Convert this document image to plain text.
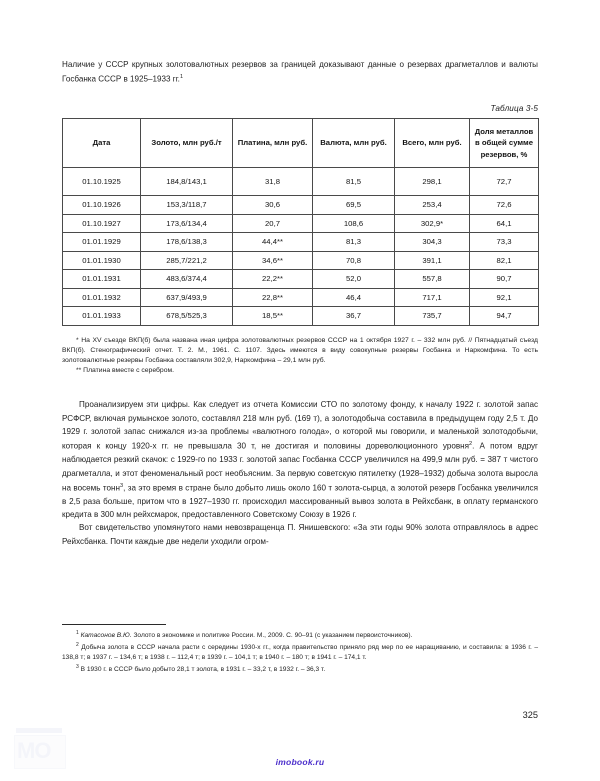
Наличие у СССР крупных золотовалютных резервов за границей доказывают данные о резервах драгметаллов и валюты Госбанка СССР в 1925–1933 гг.$^1$

Таблица 3-5
Дата	Золото, млн руб./т	Платина, млн руб.	Валюта, млн руб.	Всего, млн руб.	Доля металлов в общей сумме резервов, %
01.10.1925	184,8/143,1	31,8	81,5	298,1	72,7
01.10.1926	153,3/118,7	30,6	69,5	253,4	72,6
01.10.1927	173,6/134,4	20,7	108,6	302,9*	64,1
01.01.1929	178,6/138,3	44,4**	81,3	304,3	73,3
01.01.1930	285,7/221,2	34,6**	70,8	391,1	82,1
01.01.1931	483,6/374,4	22,2**	52,0	557,8	90,7
01.01.1932	637,9/493,9	22,8**	46,4	717,1	92,1
01.01.1933	678,5/525,3	18,5**	36,7	735,7	94,7

* На XV съезде ВКП(б) была названа иная цифра золотовалютных резервов СССР на 1 октября 1927 г. – 332 млн руб. // Пятнадцатый съезд ВКП(б). Стенографический отчет. Т. 2. М., 1961. С. 1107. Здесь имеются в виду совокупные резервы Госбанка и Наркомфина. То есть золотовалютные резервы Госбанка составляли 302,9, Наркомфина – 29,1 млн руб.

** Платина вместе с серебром.

Проанализируем эти цифры. Как следует из отчета Комиссии СТО по золотому фонду, к началу 1922 г. золотой запас РСФСР, включая румынское золото, составлял 218 млн руб. (169 т), а золотодобыча составила в предыдущем году 2,5 т. До 1929 г. золотой запас снижался из-за проблемы «валютного голода», о которой мы говорили, и маленькой золотодобычи, которая к концу 1920-х гг. не превышала 30 т, не достигая и половины дореволюционного уровня$^2$. А потом вдруг наблюдается резкий скачок: с 1929-го по 1933 г. золотой запас Госбанка СССР увеличился на 499,9 млн руб. = 387 т чистого драгметалла, и этот феноменальный рост необъясним. За первую советскую пятилетку (1928–1932) добыча золота выросла на восемь тонн$^3$, за это время в стране было добыто лишь около 160 т золота-сырца, а золотой резерв Госбанка увеличился в 2,5 раза больше, притом что в 1927–1930 гг. происходил массированный вывоз золота в Рейхсбанк, в оплату германского кредита в 300 млн рейхсмарок, предоставленного Советскому Союзу в 1926 г.

Вот свидетельство упомянутого нами невозвращенца П. Янишевского: «За эти годы 90% золота отправлялось в адрес Рейхсбанка. Почти каждые две недели уходили огром-

$^1$ Катасонов В.Ю. Золото в экономике и политике России. М., 2009. С. 90–91 (с указанием первоисточников).

$^2$ Добыча золота в СССР начала расти с середины 1930-х гг., когда правительство приняло ряд мер по ее наращиванию, и составила: в 1936 г. – 138,8 т; в 1937 г. – 134,6 т; в 1938 г. – 112,4 т; в 1939 г. – 104,1 т; в 1940 г. – 180 т; в 1941 г. – 174,1 т.

$^3$ В 1930 г. в СССР было добыто 28,1 т золота, в 1931 г. – 33,2 т, в 1932 г. – 36,3 т.

325
MO	imobook.ru
